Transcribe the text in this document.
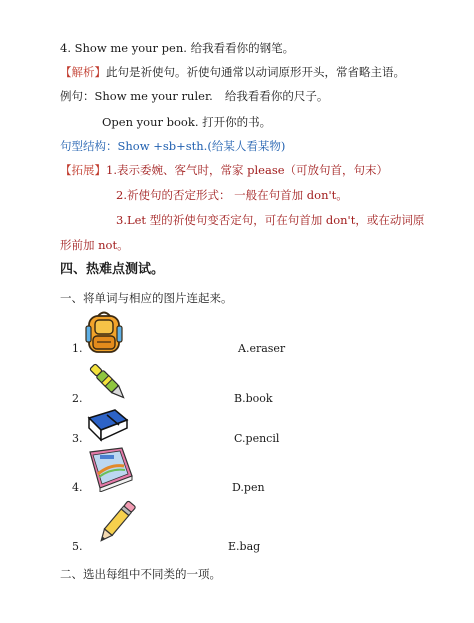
4. Show me your pen. 给我看看你的钢笔。
【解析】此句是祈使句。祈使句通常以动词原形开头，常省略主语。
例句：Show me your ruler. 给我看看你的尺子。
Open your book. 打开你的书。
句型结构：Show +sb+sth.(给某人看某物)
【拓展】1.表示委婉、客气时，常家 please（可放句首，句末）
2.祈使句的否定形式： 一般在句首加 don't。
3.Let 型的祈使句变否定句，可在句首加 don't，或在动词原
形前加 not。
四、热难点测试。
一、将单词与相应的图片连起来。
1.
2.
3.
4.
5.
A.eraser
B.book
C.pencil
D.pen
E.bag
二、选出每组中不同类的一项。
